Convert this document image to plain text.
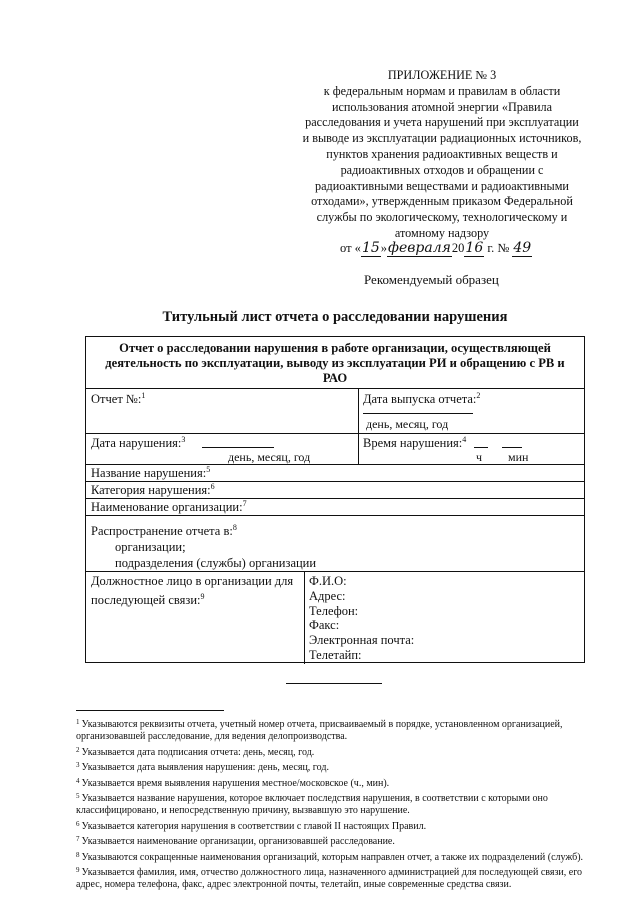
ПРИЛОЖЕНИЕ № 3
к федеральным нормам и правилам в области
использования атомной энергии «Правила
расследования и учета нарушений при эксплуатации
и выводе из эксплуатации радиационных источников,
пунктов хранения радиоактивных веществ и
радиоактивных отходов и обращении с
радиоактивными веществами и радиоактивными
отходами», утвержденным приказом Федеральной
службы по экологическому, технологическому и
атомному надзору
от «15»февраля2016 г. № 49
Рекомендуемый образец
Титульный лист отчета о расследовании нарушения
Отчет о расследовании нарушения в работе организации, осуществляющей деятельность по эксплуатации, выводу из эксплуатации РИ и обращению с РВ и РАО
Отчет №:$^1$	Дата выпуска отчета:$^2$
день, месяц, год
Дата нарушения:$^3$
день, месяц, год
Время нарушения:$^4$
ч мин
Название нарушения:$^5$
Категория нарушения:$^6$
Наименование организации:$^7$
Распространение отчета в:$^8$
организации;
подразделения (службы) организации
Должностное лицо в организации для последующей связи:$^9$
Ф.И.О:
Адрес:
Телефон:
Факс:
Электронная почта:
Телетайп:

$^1$ Указываются реквизиты отчета, учетный номер отчета, присваиваемый в порядке, установленном организацией, организовавшей расследование, для ведения делопроизводства.

$^2$ Указывается дата подписания отчета: день, месяц, год.

$^3$ Указывается дата выявления нарушения: день, месяц, год.

$^4$ Указывается время выявления нарушения местное/московское (ч., мин).

$^5$ Указывается название нарушения, которое включает последствия нарушения, в соответствии с которыми оно классифицировано, и непосредственную причину, вызвавшую это нарушение.

$^6$ Указывается категория нарушения в соответствии с главой II настоящих Правил.

$^7$ Указывается наименование организации, организовавшей расследование.

$^8$ Указываются сокращенные наименования организаций, которым направлен отчет, а также их подразделений (служб).

$^9$ Указывается фамилия, имя, отчество должностного лица, назначенного администрацией для последующей связи, его адрес, номера телефона, факс, адрес электронной почты, телетайп, иные современные средства связи.
